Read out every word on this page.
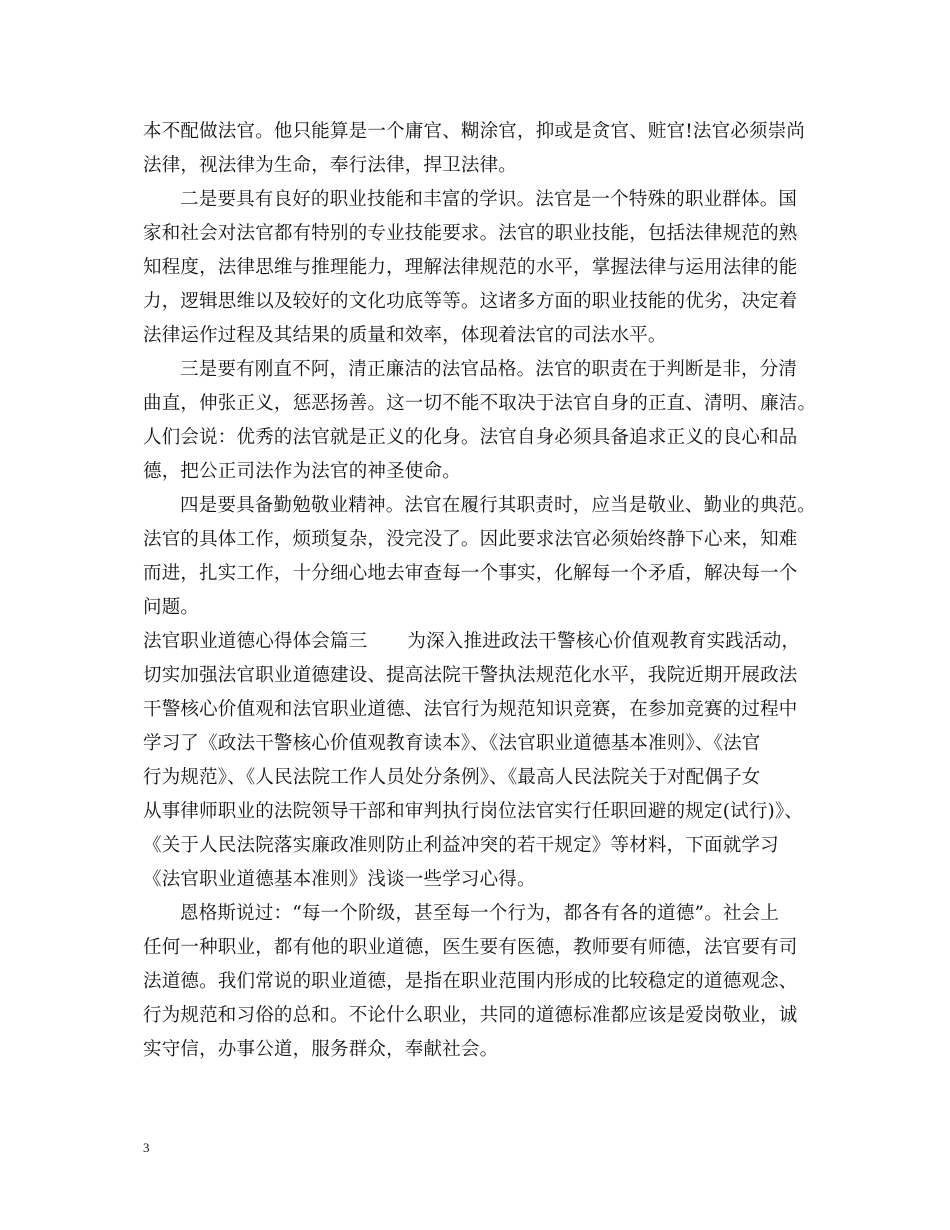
本不配做法官。他只能算是一个庸官、糊涂官，抑或是贪官、赃官!法官必须崇尚
法律，视法律为生命，奉行法律，捍卫法律。
二是要具有良好的职业技能和丰富的学识。法官是一个特殊的职业群体。国
家和社会对法官都有特别的专业技能要求。法官的职业技能，包括法律规范的熟
知程度，法律思维与推理能力，理解法律规范的水平，掌握法律与运用法律的能
力，逻辑思维以及较好的文化功底等等。这诸多方面的职业技能的优劣，决定着
法律运作过程及其结果的质量和效率，体现着法官的司法水平。
三是要有刚直不阿，清正廉洁的法官品格。法官的职责在于判断是非，分清
曲直，伸张正义，惩恶扬善。这一切不能不取决于法官自身的正直、清明、廉洁。
人们会说：优秀的法官就是正义的化身。法官自身必须具备追求正义的良心和品
德，把公正司法作为法官的神圣使命。
四是要具备勤勉敬业精神。法官在履行其职责时，应当是敬业、勤业的典范。
法官的具体工作，烦琐复杂，没完没了。因此要求法官必须始终静下心来，知难
而进，扎实工作，十分细心地去审查每一个事实，化解每一个矛盾，解决每一个
问题。
法官职业道德心得体会篇三 为深入推进政法干警核心价值观教育实践活动，
切实加强法官职业道德建设、提高法院干警执法规范化水平，我院近期开展政法
干警核心价值观和法官职业道德、法官行为规范知识竞赛，在参加竞赛的过程中
学习了《政法干警核心价值观教育读本》、《法官职业道德基本准则》、《法官
行为规范》、《人民法院工作人员处分条例》、《最高人民法院关于对配偶子女
从事律师职业的法院领导干部和审判执行岗位法官实行任职回避的规定(试行)》、
《关于人民法院落实廉政准则防止利益冲突的若干规定》等材料，下面就学习
《法官职业道德基本准则》浅谈一些学习心得。
恩格斯说过：“每一个阶级，甚至每一个行为，都各有各的道德”。社会上
任何一种职业，都有他的职业道德，医生要有医德，教师要有师德，法官要有司
法道德。我们常说的职业道德，是指在职业范围内形成的比较稳定的道德观念、
行为规范和习俗的总和。不论什么职业，共同的道德标准都应该是爱岗敬业，诚
实守信，办事公道，服务群众，奉献社会。
3
